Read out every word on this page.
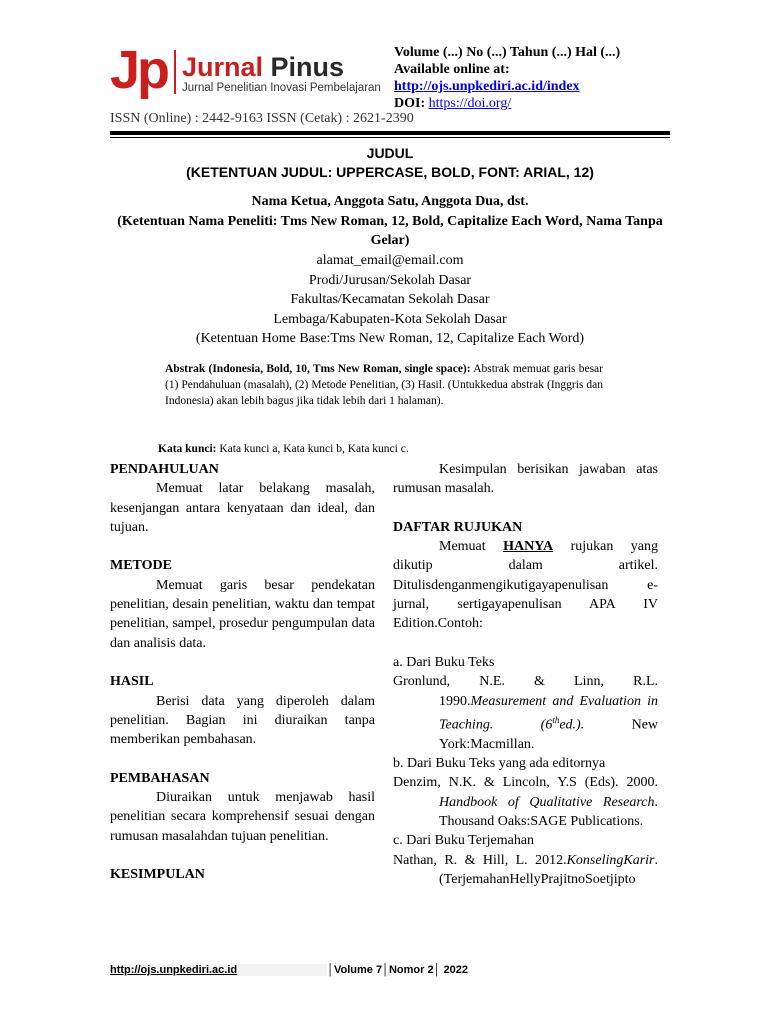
Jp Jurnal Pinus
Jurnal Penelitian Inovasi Pembelajaran
Volume (...) No (...) Tahun (...) Hal (...)
Available online at:
http://ojs.unpkediri.ac.id/index
DOI: https://doi.org/
ISSN (Online) : 2442-9163 ISSN (Cetak) : 2621-2390
JUDUL
(KETENTUAN JUDUL: UPPERCASE, BOLD, FONT: ARIAL, 12)
Nama Ketua, Anggota Satu, Anggota Dua, dst.
(Ketentuan Nama Peneliti: Tms New Roman, 12, Bold, Capitalize Each Word, Nama Tanpa Gelar)
alamat_email@email.com
Prodi/Jurusan/Sekolah Dasar
Fakultas/Kecamatan Sekolah Dasar
Lembaga/Kabupaten-Kota Sekolah Dasar
(Ketentuan Home Base:Tms New Roman, 12, Capitalize Each Word)
Abstrak (Indonesia, Bold, 10, Tms New Roman, single space): Abstrak memuat garis besar (1) Pendahuluan (masalah), (2) Metode Penelitian, (3) Hasil. (Untukkedua abstrak (Inggris dan Indonesia) akan lebih bagus jika tidak lebih dari 1 halaman).
Kata kunci: Kata kunci a, Kata kunci b, Kata kunci c.

PENDAHULUAN

Memuat latar belakang masalah, kesenjangan antara kenyataan dan ideal, dan tujuan.

METODE

Memuat garis besar pendekatan penelitian, desain penelitian, waktu dan tempat penelitian, sampel, prosedur pengumpulan data dan analisis data.

HASIL

Berisi data yang diperoleh dalam penelitian. Bagian ini diuraikan tanpa memberikan pembahasan.

PEMBAHASAN

Diuraikan untuk menjawab hasil penelitian secara komprehensif sesuai dengan rumusan masalahdan tujuan penelitian.

KESIMPULAN

Kesimpulan berisikan jawaban atas rumusan masalah.

DAFTAR RUJUKAN

Memuat HANYA rujukan yang dikutip dalam artikel. Ditulisdenganmengikutigayapenulisan e-jurnal, sertigayapenulisan APA IV Edition.Contoh:

a. Dari Buku Teks

Gronlund, N.E. & Linn, R.L. 1990.Measurement and Evaluation in Teaching. (6thed.).	New York:Macmillan.

b. Dari Buku Teks yang ada editornya

Denzim, N.K. & Lincoln, Y.S (Eds). 2000. Handbook of Qualitative Research. Thousand Oaks:SAGE Publications.

c. Dari Buku Terjemahan

Nathan, R. & Hill, L. 2012.KonselingKarir. (TerjemahanHellyPrajitnoSoetjipto

http://ojs.unpkediri.ac.id	│Volume 7│Nomor 2│ 2022
